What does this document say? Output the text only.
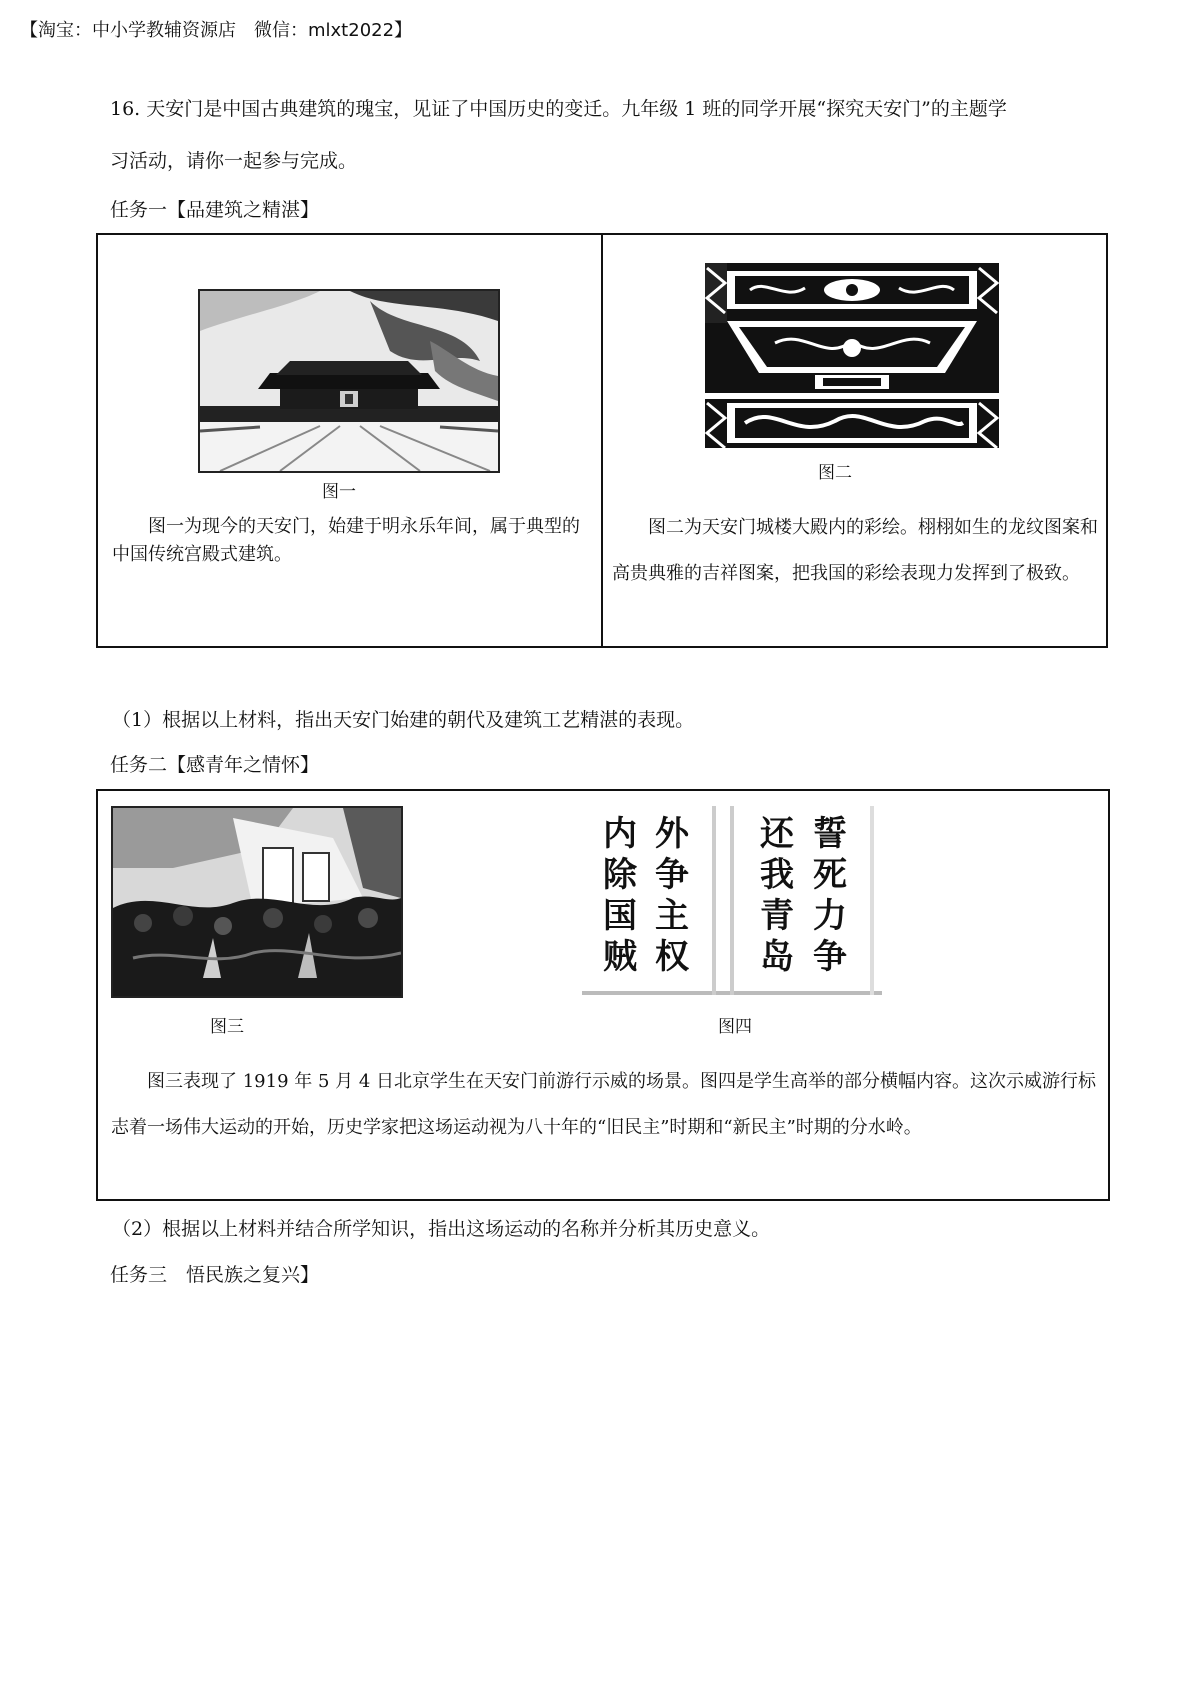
【淘宝：中小学教辅资源店　微信：mlxt2022】
16. 天安门是中国古典建筑的瑰宝，见证了中国历史的变迁。九年级 1 班的同学开展“探究天安门”的主题学
习活动，请你一起参与完成。
任务一【品建筑之精湛】
图一
图一为现今的天安门，始建于明永乐年间，属于典型的中国传统宫殿式建筑。
图二
图二为天安门城楼大殿内的彩绘。栩栩如生的龙纹图案和高贵典雅的吉祥图案，把我国的彩绘表现力发挥到了极致。
（1）根据以上材料，指出天安门始建的朝代及建筑工艺精湛的表现。
任务二【感青年之情怀】
图三
内
除
国
贼
外
争
主
权
还
我
青
岛
誓
死
力
争
图四
图三表现了 1919 年 5 月 4 日北京学生在天安门前游行示威的场景。图四是学生高举的部分横幅内容。这次示威游行标志着一场伟大运动的开始，历史学家把这场运动视为八十年的“旧民主”时期和“新民主”时期的分水岭。
（2）根据以上材料并结合所学知识，指出这场运动的名称并分析其历史意义。
任务三　悟民族之复兴】
